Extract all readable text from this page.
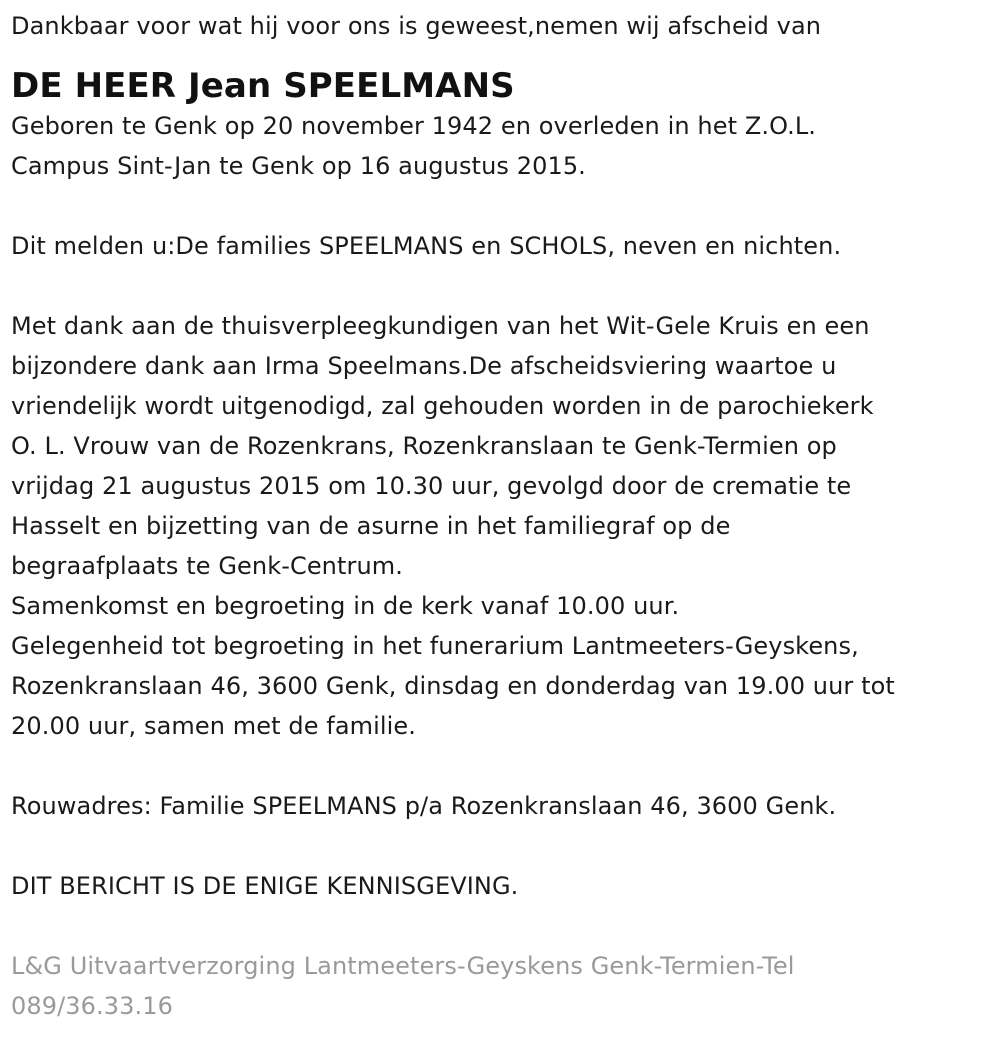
Dankbaar voor wat hij voor ons is geweest,nemen wij afscheid van
DE HEER Jean SPEELMANS
Geboren te Genk op 20 november 1942 en overleden in het Z.O.L.
Campus Sint-Jan te Genk op 16 augustus 2015.
Dit melden u:De families SPEELMANS en SCHOLS, neven en nichten.
Met dank aan de thuisverpleegkundigen van het Wit-Gele Kruis en een
bijzondere dank aan Irma Speelmans.De afscheidsviering waartoe u
vriendelijk wordt uitgenodigd, zal gehouden worden in de parochiekerk
O. L. Vrouw van de Rozenkrans, Rozenkranslaan te Genk-Termien op
vrijdag 21 augustus 2015 om 10.30 uur, gevolgd door de crematie te
Hasselt en bijzetting van de asurne in het familiegraf op de
begraafplaats te Genk-Centrum.
Samenkomst en begroeting in de kerk vanaf 10.00 uur.
Gelegenheid tot begroeting in het funerarium Lantmeeters-Geyskens,
Rozenkranslaan 46, 3600 Genk, dinsdag en donderdag van 19.00 uur tot
20.00 uur, samen met de familie.
Rouwadres: Familie SPEELMANS p/a Rozenkranslaan 46, 3600 Genk.
DIT BERICHT IS DE ENIGE KENNISGEVING.
L&G Uitvaartverzorging Lantmeeters-Geyskens Genk-Termien-Tel
089/36.33.16
